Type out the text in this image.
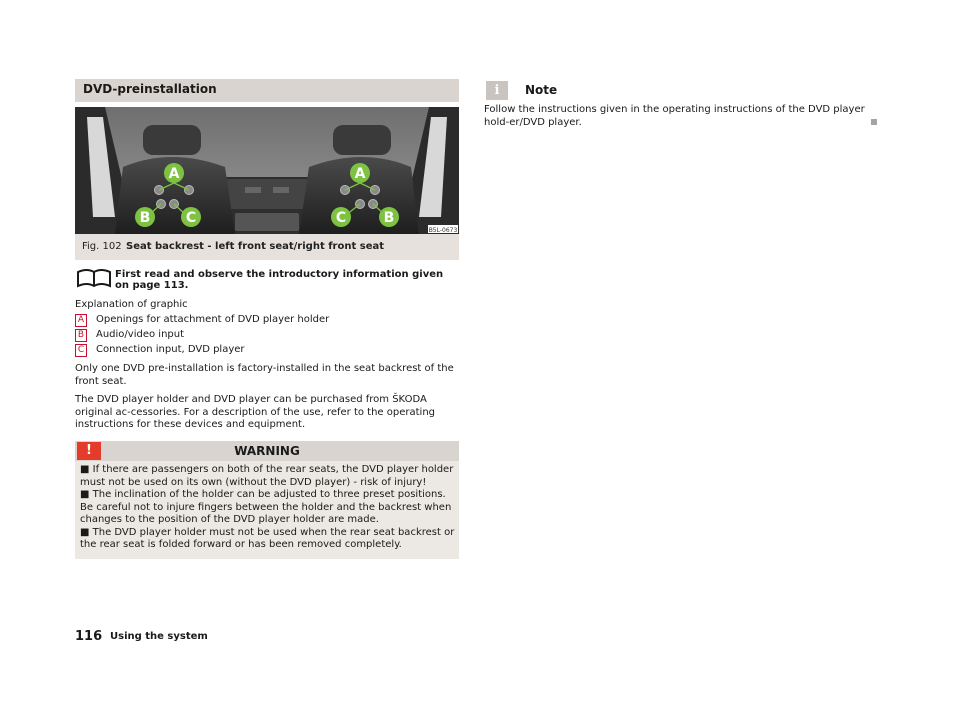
DVD-preinstallation
A	A
B	C	C	B
B5L-0673
Fig. 102 Seat backrest - left front seat/right front seat
First read and observe the introductory information given on page 113.
Explanation of graphic
A Openings for attachment of DVD player holder
B Audio/video input
C Connection input, DVD player
Only one DVD pre-installation is factory-installed in the seat backrest of the front seat.
The DVD player holder and DVD player can be purchased from ŠKODA original ac-cessories. For a description of the use, refer to the operating instructions for these devices and equipment.
!	WARNING
■ If there are passengers on both of the rear seats, the DVD player holder must not be used on its own (without the DVD player) - risk of injury!
■ The inclination of the holder can be adjusted to three preset positions. Be careful not to injure fingers between the holder and the backrest when changes to the position of the DVD player holder are made.
■ The DVD player holder must not be used when the rear seat backrest or the rear seat is folded forward or has been removed completely.
i	Note
Follow the instructions given in the operating instructions of the DVD player hold-er/DVD player.
116 Using the system
